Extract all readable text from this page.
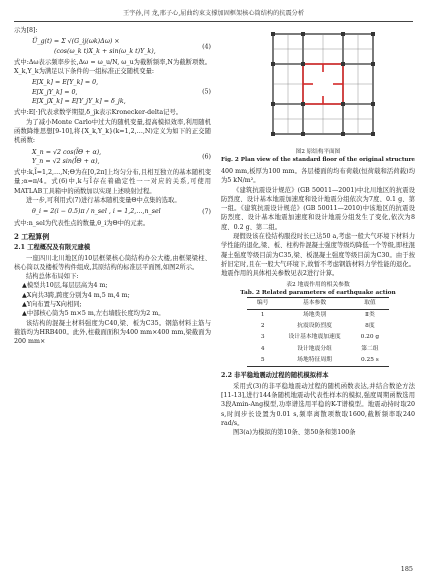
王宇孙,闫 龙,邢子心,屈曲约束支撑加固框架核心筒结构的抗震分析

示为[8]:

Ü_g(t) = Σ √(G_ij(ωk)Δω) ×
(cos(ω_k t)X_k + sin(ω_k t)Y_k),
(4)

式中:Δω表示频率步长,Δω = ω_u/N, ω_u为截断频率,N为截断项数。X_k,Y_k为满足以下条件的一组标准正交随机变量:

E[X_k] = E[Y_k] = 0,
E[X_jY_k] = 0,
E[X_jX_k] = E[Y_jY_k] = δ_jk,
(5)

式中:E[·]代表求数学期望,δ_jk表示Kronecker-delta记号。

为了减小Monte Carlo中过大的随机变量,提高模拟效率,利用随机函数降维思想[9-10],将{X_k,Y_k}(k=1,2,…,N)定义为如下的正交随机函数:

X_n = √2 cos(l̃Θ + α),
Y_n = √2 sin(l̃Θ + α),
(6)

式中:k,l̃=1,2,…,N;Θ为在[0,2π]上均匀分布,且相互独立的基本随机变量;α=π/4。式(6)中,k与l̃存在着确定性一一对应的关系,可使用MATLAB工具箱中的函数加以实现上述映射过程。

进一步,可利用式(7)进行基本随机变量Θ中点集的选取。

θ_i = 2(i − 0.5)π / n_sel , i = 1,2,…,n_sel	(7)

式中:n_sel为代表性点的数量,θ_i为Θ中的元素。

2 工程算例
2.1 工程概况及有限元建模

一座四川北川地区的10层框架核心筒结构办公大楼,由框架梁柱、核心筒以及楼板等构件组成,其原结构的标准层平面图,如图2所示。

结构总体布局如下:

▲模型共10层,每层层高为4 m;

▲X向共3跨,跨度分别为4 m,5 m,4 m;

▲Y向布置与X向相同;

▲中部核心筒为5 m×5 m,左右墙肢长度均为2 m。

该结构的混凝土材料强度为C40,梁、板为C35。钢筋材料主筋与箍筋均为HRB400。此外,柱截面面积为400 mm×400 mm,梁截面为200 mm×

图2 原结构平面图
Fig. 2 Plan view of the standard floor of the original structure

400 mm,板厚为100 mm。各层楼面的均布荷载(恒荷载和活荷载)均为5 kN/m²。

《建筑抗震设计规范》(GB 50011—2001)中北川地区的抗震设防烈度、设计基本地震加速度和设计地震分组依次为7度、0.1 g、第一组。《建筑抗震设计规范》(GB 50011—2010)中该地区的抗震设防烈度、设计基本地震加速度和设计地震分组发生了变化,依次为8度、0.2 g、第二组。

现假设该在役结构服役时长已达50 a,考虑一般大气环境下材料力学性能的退化,梁、板、柱构件混凝土强度等级均降低一个等级,即柱混凝土强度等级目前为C35,梁、板混凝土强度等级目前为C30。由于按折旧定时,且在一般大气环境下,故暂不考虑钢筋材料力学性能的退化。地震作用的具体相关参数见表2进行计算。

表2 地震作用的相关参数
Tab. 2 Related parameters of earthquake action
编号	基本参数	取值
1	场地类别	Ⅱ类
2	抗震设防烈度	8度
3	设计基本地震加速度	0.20 g
4	设计地震分组	第二组
5	场地特征周期	0.25 s
2.2 非平稳地震动过程的随机模拟样本

采用式(3)的非平稳地震动过程的随机函数表达,并结合数论方法[11-13],进行144条随机地震动代表性样本的模拟,强度周期函数选用3段Amin-Ang模型,功率谱选用平稳的K-T谱模型。地震动持时取20 s,时间步长设置为0.01 s,频率离散项数取1600,截断频率取240 rad/s。

图3(a)为模拟的第10条、第50条和第100条

185
